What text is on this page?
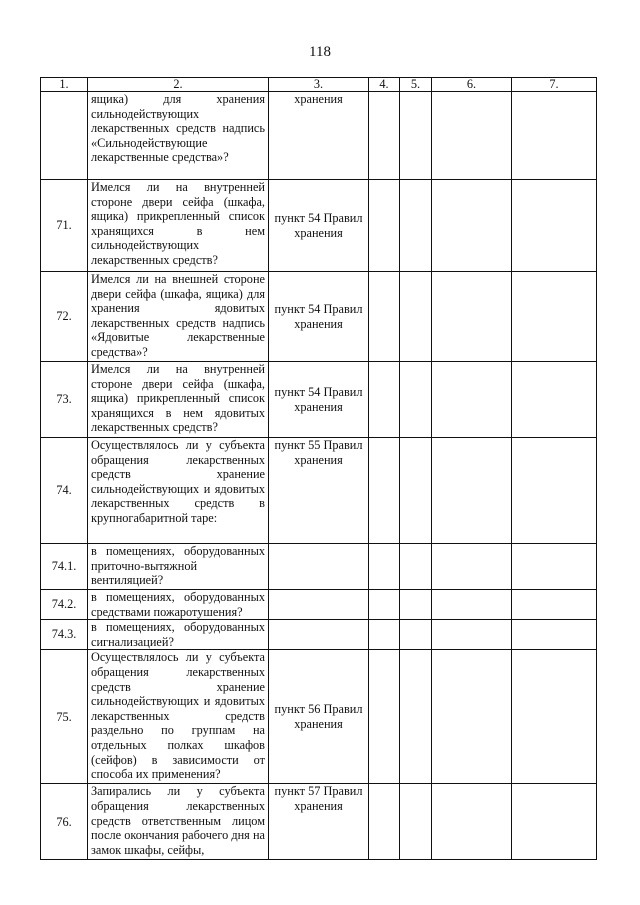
118
1.	2.	3.	4.	5.	6.	7.
	ящика) для хранения сильнодействующих лекарственных средств надпись «Сильнодействующие лекарственные средства»?	хранения				
71.	Имелся ли на внутренней стороне двери сейфа (шкафа, ящика) прикрепленный список хранящихся в нем сильнодействующих лекарственных средств?	пункт 54 Правил хранения				
72.	Имелся ли на внешней стороне двери сейфа (шкафа, ящика) для хранения ядовитых лекарственных средств надпись «Ядовитые лекарственные средства»?	пункт 54 Правил хранения				
73.	Имелся ли на внутренней стороне двери сейфа (шкафа, ящика) прикрепленный список хранящихся в нем ядовитых лекарственных средств?	пункт 54 Правил хранения				
74.	Осуществлялось ли у субъекта обращения лекарственных средств хранение сильнодействующих и ядовитых лекарственных средств в крупногабаритной таре:	пункт 55 Правил хранения				
74.1.	в помещениях, оборудованных приточно-вытяжной вентиляцией?					
74.2.	в помещениях, оборудованных средствами пожаротушения?					
74.3.	в помещениях, оборудованных сигнализацией?					
75.	Осуществлялось ли у субъекта обращения лекарственных средств хранение сильнодействующих и ядовитых лекарственных средств раздельно по группам на отдельных полках шкафов (сейфов) в зависимости от способа их применения?	пункт 56 Правил хранения				
76.	Запирались ли у субъекта обращения лекарственных средств ответственным лицом после окончания рабочего дня на замок шкафы, сейфы,	пункт 57 Правил хранения				
